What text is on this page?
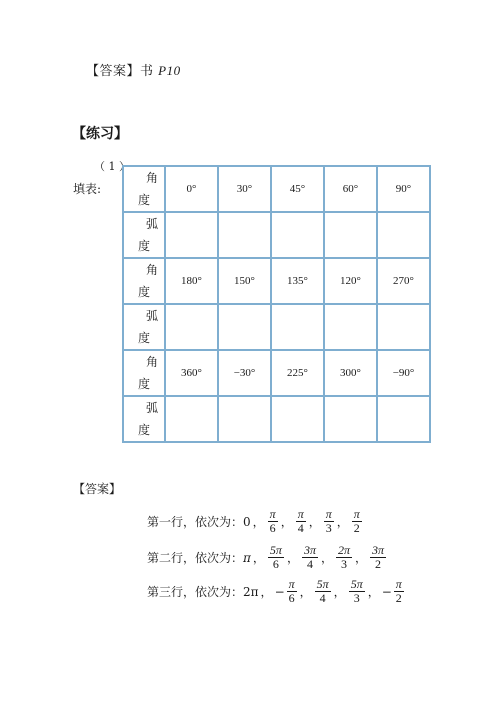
【答案】书 P10
【练习】
（ 1 ）
填表:
角
度	0°	30°	45°	60°	90°

弧
度					

角
度	180°	150°	135°	120°	270°

弧
度					

角
度	360°	−30°	225°	300°	−90°

弧
度					

【答案】
第一行，依次为： 0 ， $\frac{\pi}{6}$ ， $\frac{\pi}{4}$ ， $\frac{\pi}{3}$ ， $\frac{\pi}{2}$
第二行，依次为： π ， $\frac{5\pi}{6}$ ， $\frac{3\pi}{4}$ ， $\frac{2\pi}{3}$ ， $\frac{3\pi}{2}$
第三行，依次为： 2π ， − $\frac{\pi}{6}$ ， $\frac{5\pi}{4}$ ， $\frac{5\pi}{3}$ ， − $\frac{\pi}{2}$
